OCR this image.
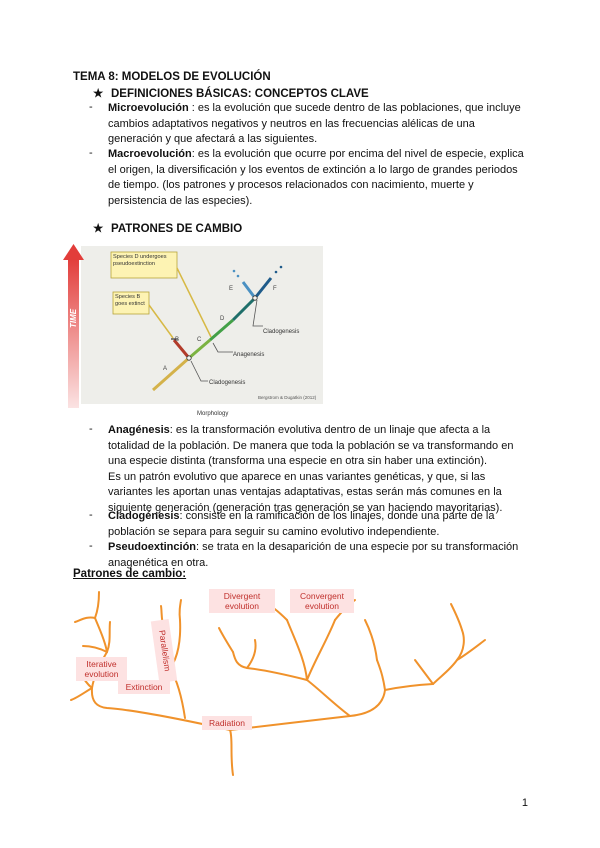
TEMA 8: MODELOS DE EVOLUCIÓN
★ DEFINICIONES BÁSICAS: CONCEPTOS CLAVE
- Microevolución : es la evolución que sucede dentro de las poblaciones, que incluye cambios adaptativos negativos y neutros en las frecuencias alélicas de una generación y que afectará a las siguientes.
- Macroevolución: es la evolución que ocurre por encima del nivel de especie, explica el origen, la diversificación y los eventos de extinción a lo largo de grandes periodos de tiempo. (los patrones y procesos relacionados con nacimiento, muerte y persistencia de las especies).
★ PATRONES DE CAMBIO
TIME
Species D undergoes pseudoextinction
Species B goes extinct
A
B	C
D
E	F
Cladogenesis
Anagenesis
Cladogenesis
Bergstrom & Dugatkin (2012)
Morphology
- Anagénesis: es la transformación evolutiva dentro de un linaje que afecta a la totalidad de la población. De manera que toda la población se va transformando en una especie distinta (transforma una especie en otra sin haber una extinción).
Es un patrón evolutivo que aparece en unas variantes genéticas, y que, si las variantes les aportan unas ventajas adaptativas, estas serán más comunes en la siguiente generación (generación tras generación se van haciendo mayoritarias).
- Cladogénesis: consiste en la ramificación de los linajes, donde una parte de la población se separa para seguir su camino evolutivo independiente.
- Pseudoextinción: se trata en la desaparición de una especie por su transformación anagenética en otra.
Patrones de cambio:
Divergent evolution
Convergent evolution
Parallelism
Iterative evolution
Extinction
Radiation
1
